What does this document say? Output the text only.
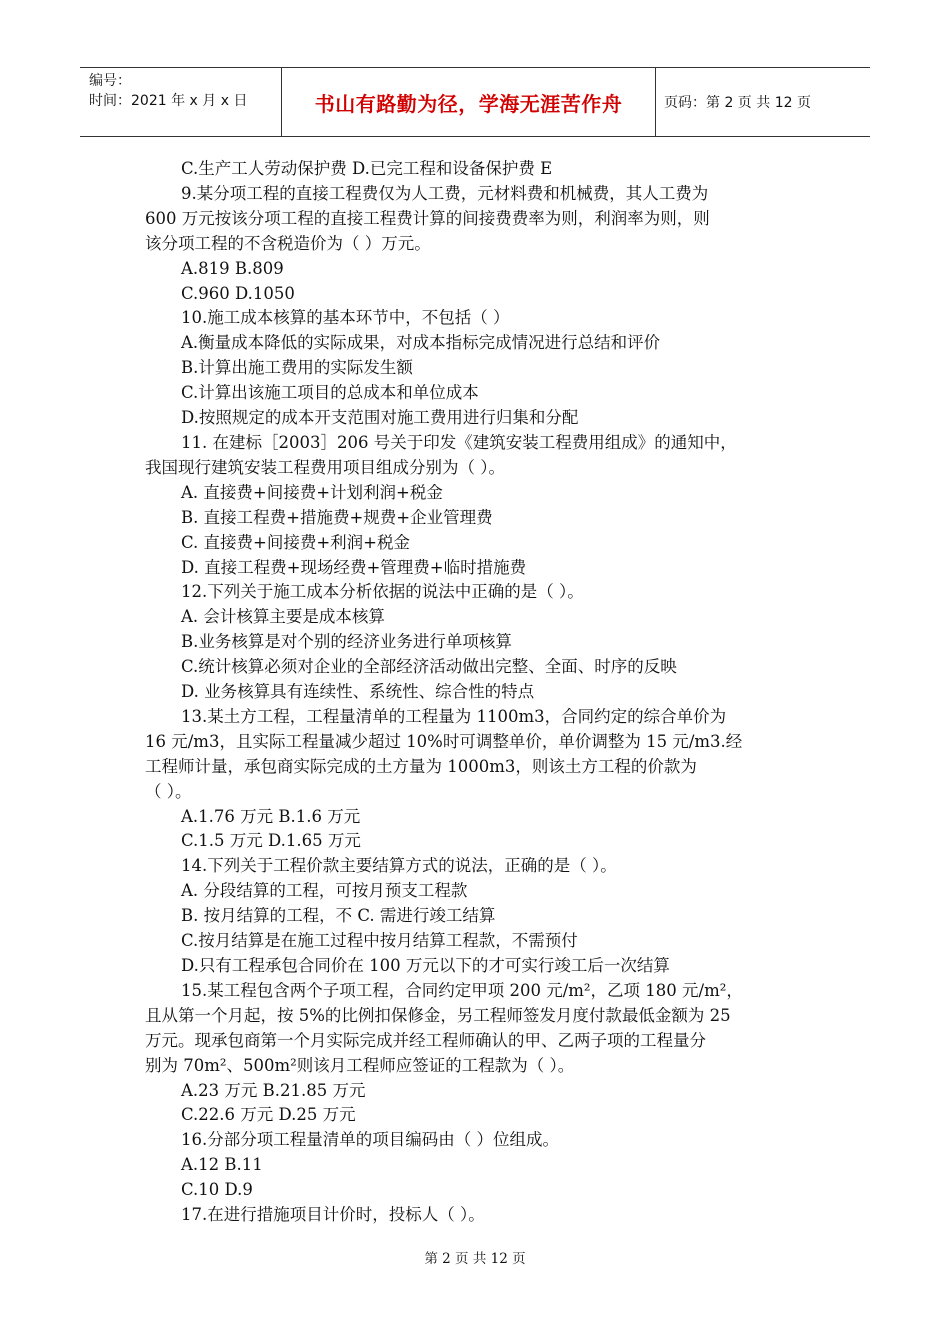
编号：
时间：2021 年 x 月 x 日	书山有路勤为径，学海无涯苦作舟	页码：第 2 页 共 12 页
C.生产工人劳动保护费 D.已完工程和设备保护费 E
9.某分项工程的直接工程费仅为人工费，元材料费和机械费，其人工费为
600 万元按该分项工程的直接工程费计算的间接费费率为则，利润率为则，则
该分项工程的不含税造价为（ ）万元。
A.819 B.809
C.960 D.1050
10.施工成本核算的基本环节中，不包括（ ）
A.衡量成本降低的实际成果，对成本指标完成情况进行总结和评价
B.计算出施工费用的实际发生额
C.计算出该施工项目的总成本和单位成本
D.按照规定的成本开支范围对施工费用进行归集和分配
11. 在建标［2003］206 号关于印发《建筑安装工程费用组成》的通知中，
我国现行建筑安装工程费用项目组成分别为（ ）。
A. 直接费+间接费+计划利润+税金
B. 直接工程费+措施费+规费+企业管理费
C. 直接费+间接费+利润+税金
D. 直接工程费+现场经费+管理费+临时措施费
12.下列关于施工成本分析依据的说法中正确的是（ ）。
A. 会计核算主要是成本核算
B.业务核算是对个别的经济业务进行单项核算
C.统计核算必须对企业的全部经济活动做出完整、全面、时序的反映
D. 业务核算具有连续性、系统性、综合性的特点
13.某土方工程，工程量清单的工程量为 1100m3，合同约定的综合单价为
16 元/m3，且实际工程量减少超过 10%时可调整单价，单价调整为 15 元/m3.经
工程师计量，承包商实际完成的土方量为 1000m3，则该土方工程的价款为
（ ）。
A.1.76 万元 B.1.6 万元
C.1.5 万元 D.1.65 万元
14.下列关于工程价款主要结算方式的说法，正确的是（ ）。
A. 分段结算的工程，可按月预支工程款
B. 按月结算的工程，不 C. 需进行竣工结算
C.按月结算是在施工过程中按月结算工程款，不需预付
D.只有工程承包合同价在 100 万元以下的才可实行竣工后一次结算
15.某工程包含两个子项工程，合同约定甲项 200 元/m²，乙项 180 元/m²，
且从第一个月起，按 5%的比例扣保修金，另工程师签发月度付款最低金额为 25
万元。现承包商第一个月实际完成并经工程师确认的甲、乙两子项的工程量分
别为 70m²、500m²则该月工程师应签证的工程款为（ ）。
A.23 万元 B.21.85 万元
C.22.6 万元 D.25 万元
16.分部分项工程量清单的项目编码由（ ）位组成。
A.12 B.11
C.10 D.9
17.在进行措施项目计价时，投标人（ ）。
第 2 页 共 12 页
